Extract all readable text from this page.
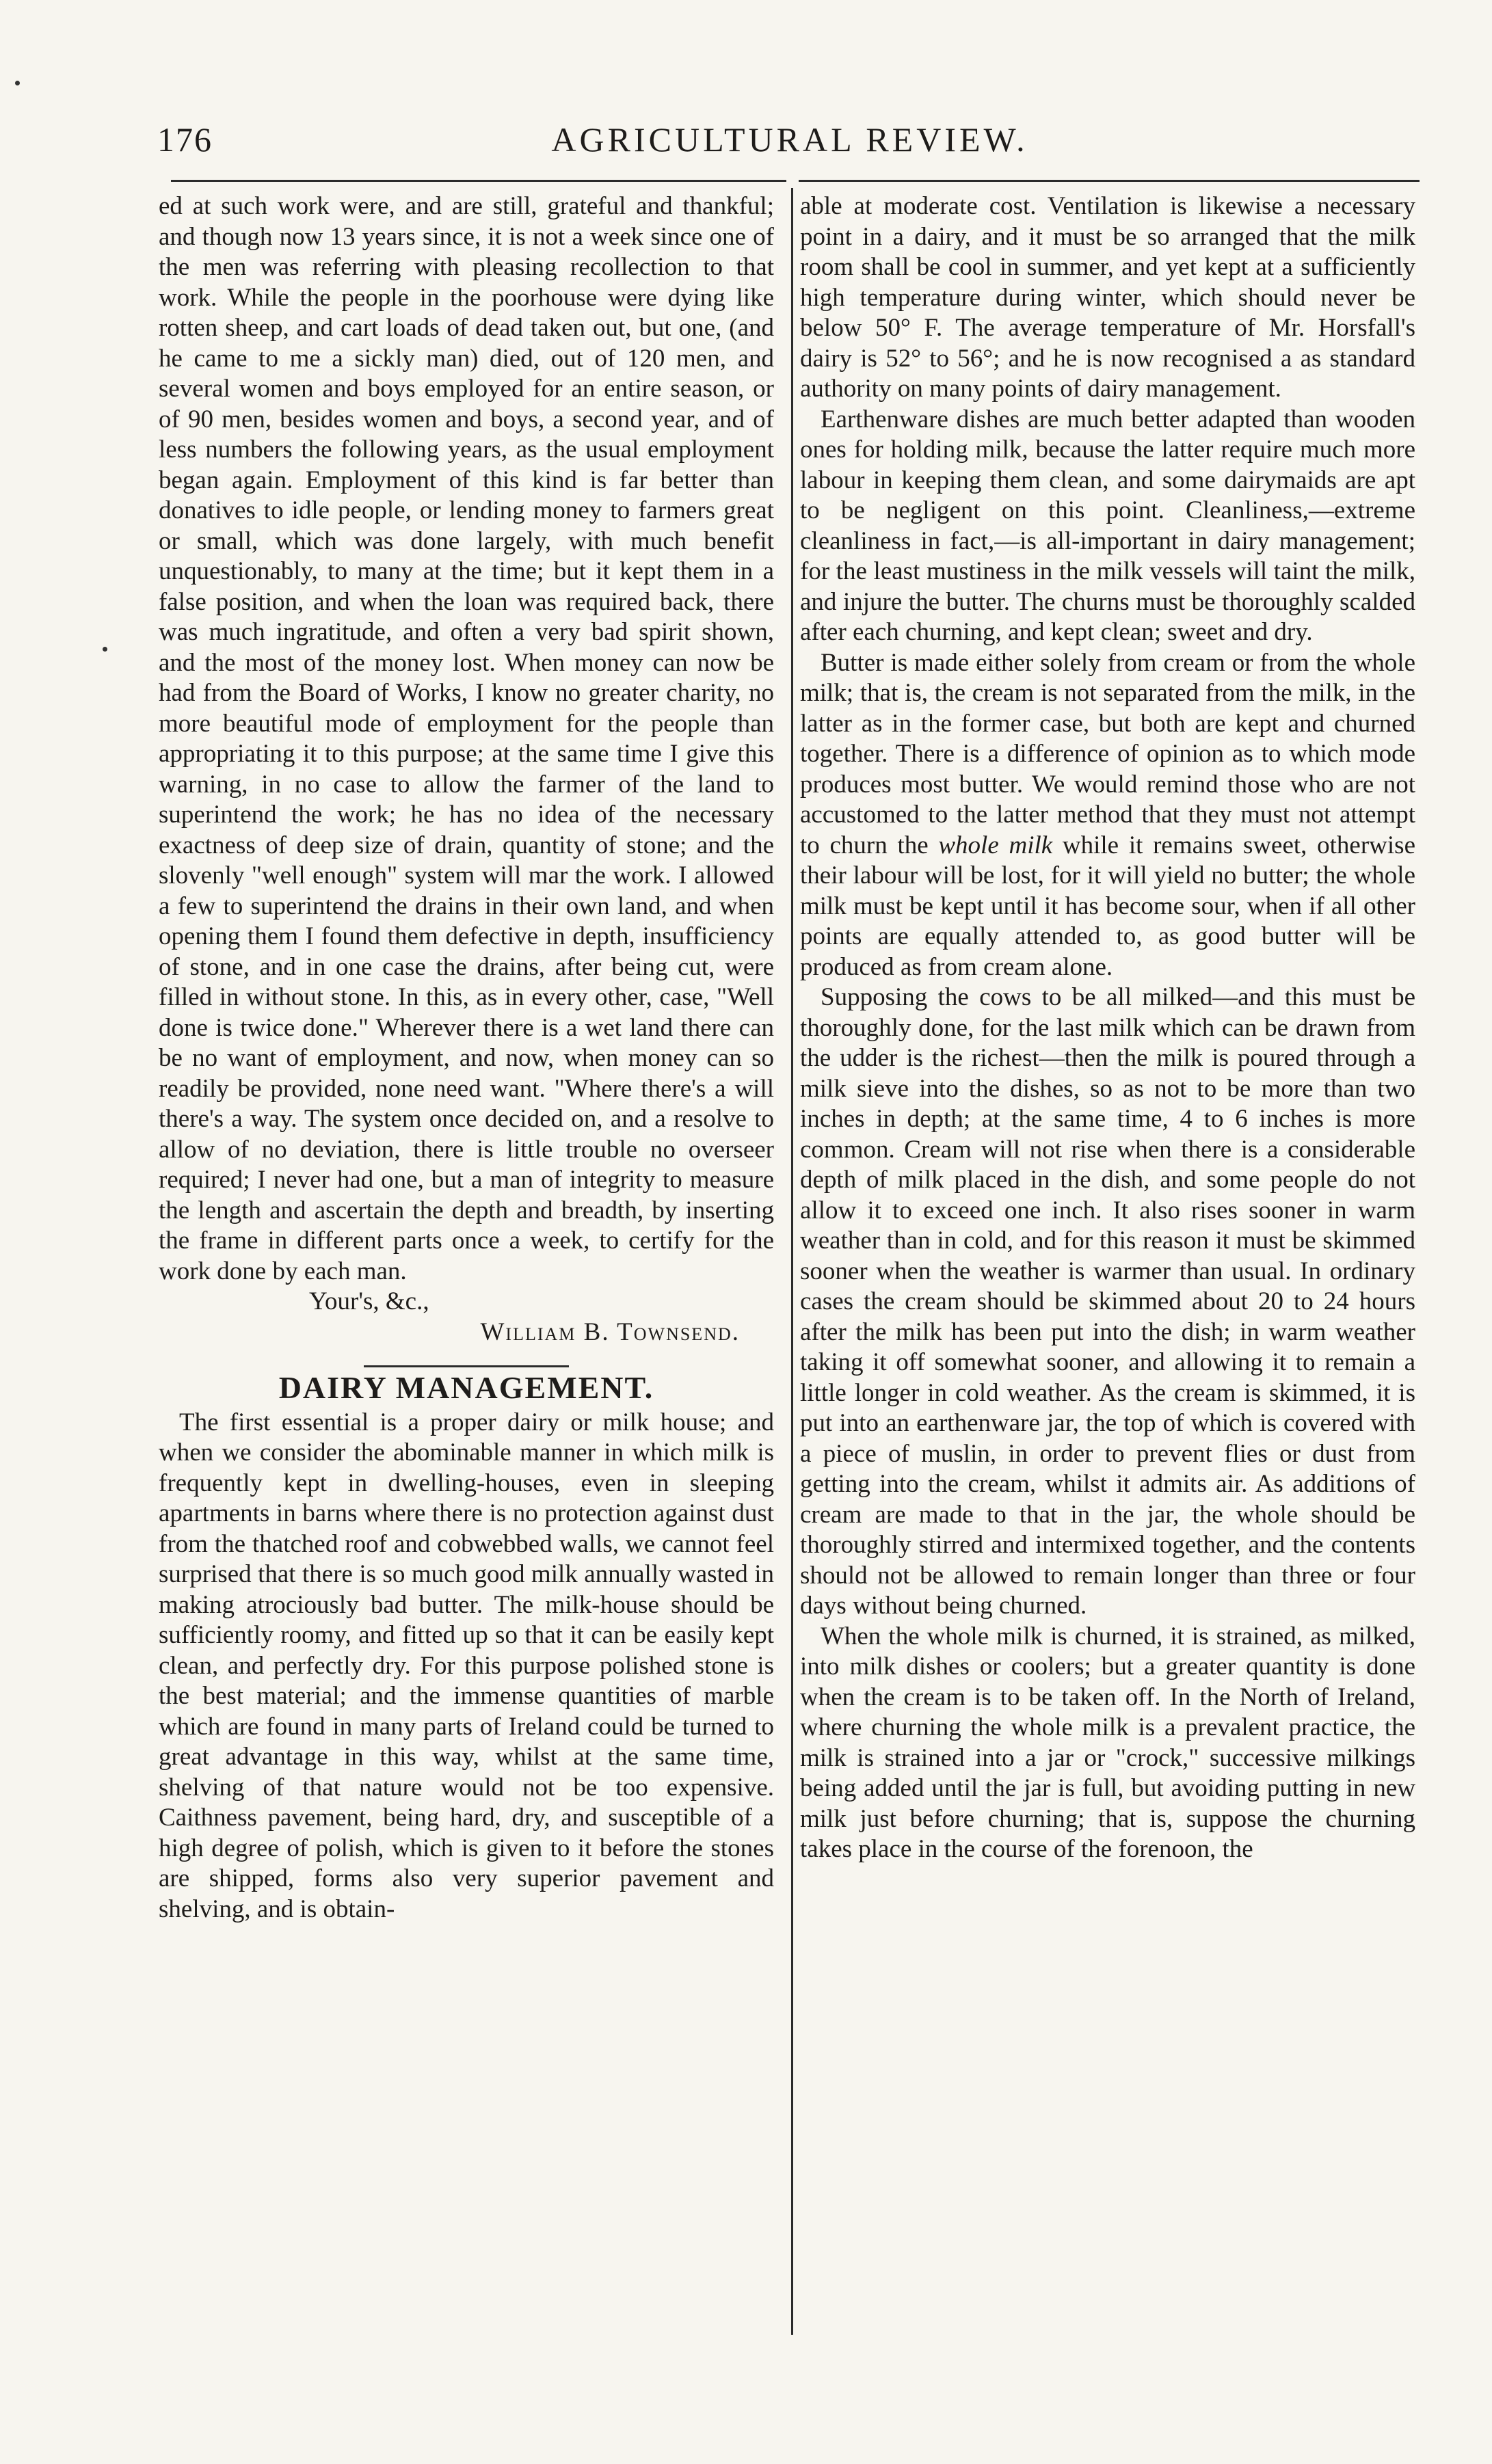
176	AGRICULTURAL REVIEW.

ed at such work were, and are still, grateful and thankful; and though now 13 years since, it is not a week since one of the men was referring with pleasing recollection to that work. While the people in the poorhouse were dying like rotten sheep, and cart loads of dead taken out, but one, (and he came to me a sickly man) died, out of 120 men, and several women and boys employed for an entire season, or of 90 men, besides women and boys, a second year, and of less numbers the following years, as the usual employment began again. Employment of this kind is far better than donatives to idle people, or lending money to farmers great or small, which was done largely, with much benefit unquestionably, to many at the time; but it kept them in a false position, and when the loan was required back, there was much ingratitude, and often a very bad spirit shown, and the most of the money lost. When money can now be had from the Board of Works, I know no greater charity, no more beautiful mode of employment for the people than appropriating it to this purpose; at the same time I give this warning, in no case to allow the farmer of the land to superintend the work; he has no idea of the necessary exactness of deep size of drain, quantity of stone; and the slovenly "well enough" system will mar the work. I allowed a few to superintend the drains in their own land, and when opening them I found them defective in depth, insufficiency of stone, and in one case the drains, after being cut, were filled in without stone. In this, as in every other, case, "Well done is twice done." Wherever there is a wet land there can be no want of employment, and now, when money can so readily be provided, none need want. "Where there's a will there's a way. The system once decided on, and a resolve to allow of no deviation, there is little trouble no overseer required; I never had one, but a man of integrity to measure the length and ascertain the depth and breadth, by inserting the frame in different parts once a week, to certify for the work done by each man.

Your's, &c.,

William B. Townsend.

DAIRY MANAGEMENT.

The first essential is a proper dairy or milk house; and when we consider the abominable manner in which milk is frequently kept in dwelling-houses, even in sleeping apartments in barns where there is no protection against dust from the thatched roof and cobwebbed walls, we cannot feel surprised that there is so much good milk annually wasted in making atrociously bad butter. The milk-house should be sufficiently roomy, and fitted up so that it can be easily kept clean, and perfectly dry. For this purpose polished stone is the best material; and the immense quantities of marble which are found in many parts of Ireland could be turned to great advantage in this way, whilst at the same time, shelving of that nature would not be too expensive. Caithness pavement, being hard, dry, and susceptible of a high degree of polish, which is given to it before the stones are shipped, forms also very superior pavement and shelving, and is obtain-

able at moderate cost. Ventilation is likewise a necessary point in a dairy, and it must be so arranged that the milk room shall be cool in summer, and yet kept at a sufficiently high temperature during winter, which should never be below 50° F. The average temperature of Mr. Horsfall's dairy is 52° to 56°; and he is now recognised a as standard authority on many points of dairy management.

Earthenware dishes are much better adapted than wooden ones for holding milk, because the latter require much more labour in keeping them clean, and some dairymaids are apt to be negligent on this point. Cleanliness,—extreme cleanliness in fact,—is all-important in dairy management; for the least mustiness in the milk vessels will taint the milk, and injure the butter. The churns must be thoroughly scalded after each churning, and kept clean; sweet and dry.

Butter is made either solely from cream or from the whole milk; that is, the cream is not separated from the milk, in the latter as in the former case, but both are kept and churned together. There is a difference of opinion as to which mode produces most butter. We would remind those who are not accustomed to the latter method that they must not attempt to churn the whole milk while it remains sweet, otherwise their labour will be lost, for it will yield no butter; the whole milk must be kept until it has become sour, when if all other points are equally attended to, as good butter will be produced as from cream alone.

Supposing the cows to be all milked—and this must be thoroughly done, for the last milk which can be drawn from the udder is the richest—then the milk is poured through a milk sieve into the dishes, so as not to be more than two inches in depth; at the same time, 4 to 6 inches is more common. Cream will not rise when there is a considerable depth of milk placed in the dish, and some people do not allow it to exceed one inch. It also rises sooner in warm weather than in cold, and for this reason it must be skimmed sooner when the weather is warmer than usual. In ordinary cases the cream should be skimmed about 20 to 24 hours after the milk has been put into the dish; in warm weather taking it off somewhat sooner, and allowing it to remain a little longer in cold weather. As the cream is skimmed, it is put into an earthenware jar, the top of which is covered with a piece of muslin, in order to prevent flies or dust from getting into the cream, whilst it admits air. As additions of cream are made to that in the jar, the whole should be thoroughly stirred and intermixed together, and the contents should not be allowed to remain longer than three or four days without being churned.

When the whole milk is churned, it is strained, as milked, into milk dishes or coolers; but a greater quantity is done when the cream is to be taken off. In the North of Ireland, where churning the whole milk is a prevalent practice, the milk is strained into a jar or "crock," successive milkings being added until the jar is full, but avoiding putting in new milk just before churning; that is, suppose the churning takes place in the course of the forenoon, the
